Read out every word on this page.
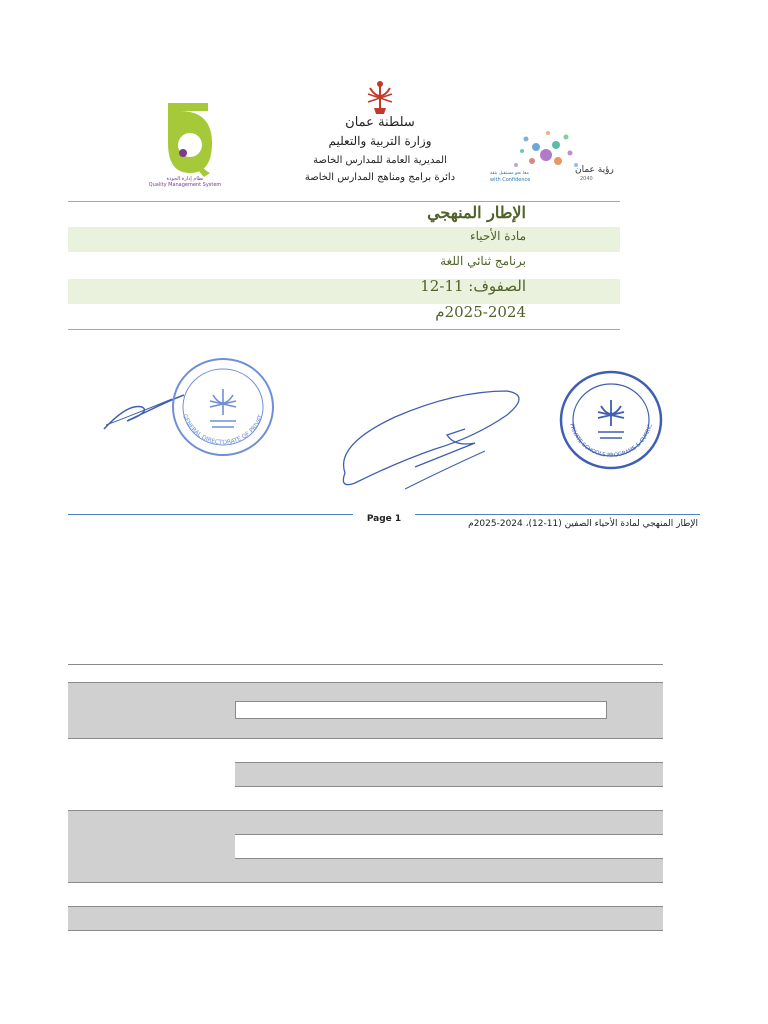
نظام إدارة الجودة
Quality Management System
سلطنة عمان
وزارة التربية والتعليم
المديرية العامة للمدارس الخاصة
دائرة برامج ومناهج المدارس الخاصة
رؤية عمان
2040
معا نحو مستقبل بثقة
with Confidence
الإطار المنهجي
مادة الأحياء
برنامج ثنائي اللغة
الصفوف: 11-12
2025-2024م
GENERAL DIRECTORATE OF PRIVAT
PRIVATE SCHOOLS PROGRAMS & CURRIC
Page 1	الإطار المنهجي لمادة الأحياء الصفين (11-12)، 2024-2025م
